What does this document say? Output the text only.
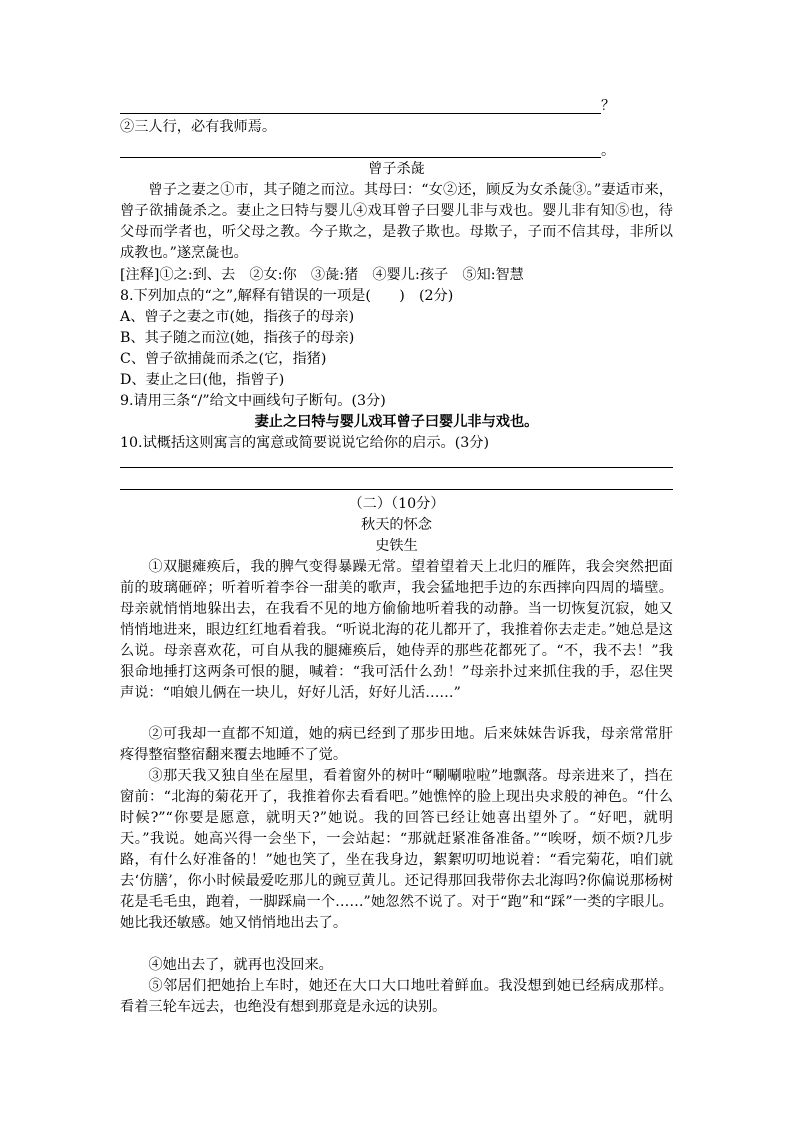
？
②三人行，必有我师焉。
。
曾子杀彘
曾子之妻之①市，其子随之而泣。其母曰：“女②还，顾反为女杀彘③。”妻适市来，曾子欲捕彘杀之。妻止之曰特与婴儿④戏耳曾子曰婴儿非与戏也。婴儿非有知⑤也，待父母而学者也，听父母之教。今子欺之，是教子欺也。母欺子，子而不信其母，非所以成教也。”遂烹彘也。
[注释]①之:到、去　②女:你　③彘:猪　④婴儿:孩子　⑤知:智慧
8.下列加点的“之”,解释有错误的一项是(　　)　(2分)
A、曾子之妻之市(她，指孩子的母亲)
B、其子随之而泣(她，指孩子的母亲)
C、曾子欲捕彘而杀之(它，指猪)
D、妻止之曰(他，指曾子)
9.请用三条“/”给文中画线句子断句。(3分)
妻止之曰特与婴儿戏耳曾子曰婴儿非与戏也。
10.试概括这则寓言的寓意或简要说说它给你的启示。(3分)
（二）（10分）
秋天的怀念
史铁生
①双腿瘫痪后，我的脾气变得暴躁无常。望着望着天上北归的雁阵，我会突然把面前的玻璃砸碎；听着听着李谷一甜美的歌声，我会猛地把手边的东西摔向四周的墙壁。母亲就悄悄地躲出去，在我看不见的地方偷偷地听着我的动静。当一切恢复沉寂，她又悄悄地进来，眼边红红地看着我。“听说北海的花儿都开了，我推着你去走走。”她总是这么说。母亲喜欢花，可自从我的腿瘫痪后，她侍弄的那些花都死了。“不，我不去！”我狠命地捶打这两条可恨的腿，喊着：“我可活什么劲！”母亲扑过来抓住我的手，忍住哭声说：“咱娘儿俩在一块儿，好好儿活，好好儿活……”
②可我却一直都不知道，她的病已经到了那步田地。后来妹妹告诉我，母亲常常肝疼得整宿整宿翻来覆去地睡不了觉。
③那天我又独自坐在屋里，看着窗外的树叶“唰唰啦啦”地飘落。母亲进来了，挡在窗前：“北海的菊花开了，我推着你去看看吧。”她憔悴的脸上现出央求般的神色。“什么时候?”“你要是愿意，就明天?”她说。我的回答已经让她喜出望外了。“好吧，就明天。”我说。她高兴得一会坐下，一会站起：“那就赶紧准备准备。”“唉呀，烦不烦?几步路，有什么好准备的！”她也笑了，坐在我身边，絮絮叨叨地说着：“看完菊花，咱们就去‘仿膳’，你小时候最爱吃那儿的豌豆黄儿。还记得那回我带你去北海吗?你偏说那杨树花是毛毛虫，跑着，一脚踩扁一个……”她忽然不说了。对于“跑”和“踩”一类的字眼儿。她比我还敏感。她又悄悄地出去了。
④她出去了，就再也没回来。
⑤邻居们把她抬上车时，她还在大口大口地吐着鲜血。我没想到她已经病成那样。看着三轮车远去，也绝没有想到那竟是永远的诀别。
